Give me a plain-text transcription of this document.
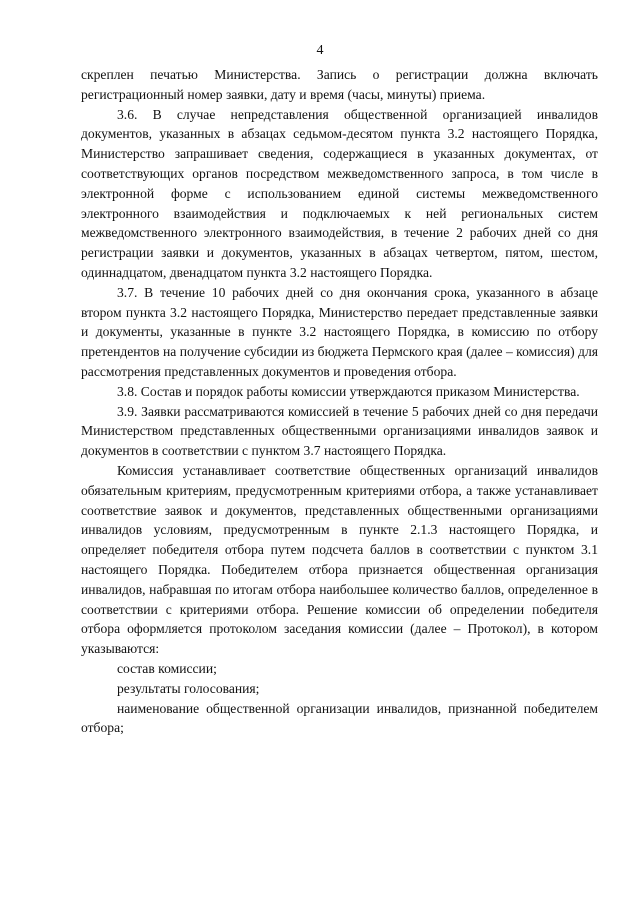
4

скреплен печатью Министерства. Запись о регистрации должна включать регистрационный номер заявки, дату и время (часы, минуты) приема.

3.6. В случае непредставления общественной организацией инвалидов документов, указанных в абзацах седьмом-десятом пункта 3.2 настоящего Порядка, Министерство запрашивает сведения, содержащиеся в указанных документах, от соответствующих органов посредством межведомственного запроса, в том числе в электронной форме с использованием единой системы межведомственного электронного взаимодействия и подключаемых к ней региональных систем межведомственного электронного взаимодействия, в течение 2 рабочих дней со дня регистрации заявки и документов, указанных в абзацах четвертом, пятом, шестом, одиннадцатом, двенадцатом пункта 3.2 настоящего Порядка.

3.7. В течение 10 рабочих дней со дня окончания срока, указанного в абзаце втором пункта 3.2 настоящего Порядка, Министерство передает представленные заявки и документы, указанные в пункте 3.2 настоящего Порядка, в комиссию по отбору претендентов на получение субсидии из бюджета Пермского края (далее – комиссия) для рассмотрения представленных документов и проведения отбора.

3.8. Состав и порядок работы комиссии утверждаются приказом Министерства.

3.9. Заявки рассматриваются комиссией в течение 5 рабочих дней со дня передачи Министерством представленных общественными организациями инвалидов заявок и документов в соответствии с пунктом 3.7 настоящего Порядка.

Комиссия устанавливает соответствие общественных организаций инвалидов обязательным критериям, предусмотренным критериями отбора, а также устанавливает соответствие заявок и документов, представленных общественными организациями инвалидов условиям, предусмотренным в пункте 2.1.3 настоящего Порядка, и определяет победителя отбора путем подсчета баллов в соответствии с пунктом 3.1 настоящего Порядка. Победителем отбора признается общественная организация инвалидов, набравшая по итогам отбора наибольшее количество баллов, определенное в соответствии с критериями отбора. Решение комиссии об определении победителя отбора оформляется протоколом заседания комиссии (далее – Протокол), в котором указываются:

состав комиссии;

результаты голосования;

наименование общественной организации инвалидов, признанной победителем отбора;
